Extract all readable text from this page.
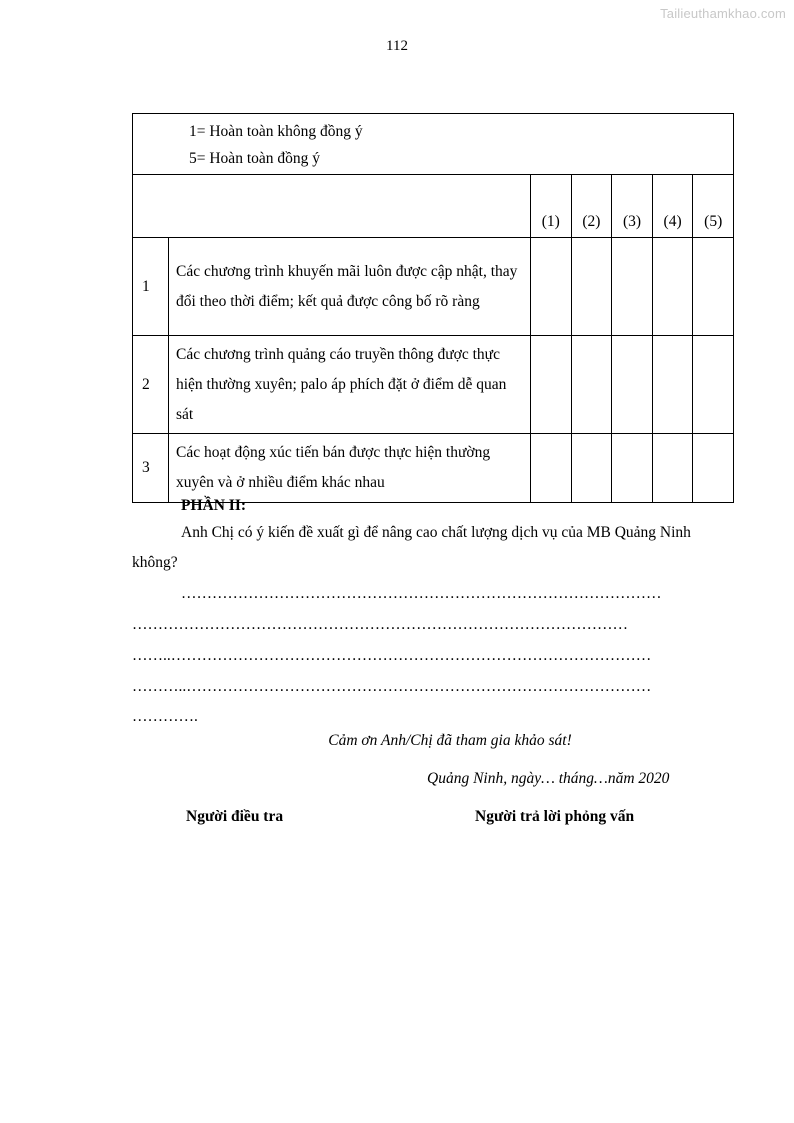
Tailieuthamkhao.com
112
1= Hoàn toàn không đồng ý
5= Hoàn toàn đồng ý						

		(1)	(2)	(3)	(4)	(5)
1	Các chương trình khuyến mãi luôn được cập nhật, thay đổi theo thời điểm; kết quả được công bố rõ ràng					
2	Các chương trình quảng cáo truyền thông được thực hiện thường xuyên; palo áp phích đặt ở điểm dễ quan sát					
3	Các hoạt động xúc tiến bán được thực hiện thường xuyên và ở nhiều điểm khác nhau					
PHẦN II:
Anh Chị có ý kiến đề xuất gì để nâng cao chất lượng dịch vụ của MB Quảng Ninh không?
…………………………………………………………………………………
……………………………………………………………………………………
……..…………………………………………………………………………………
………..………………………………………………………………………………
………….
Cảm ơn Anh/Chị đã tham gia khảo sát!
Quảng Ninh, ngày… tháng…năm 2020
Người điều tra	Người trả lời phỏng vấn
